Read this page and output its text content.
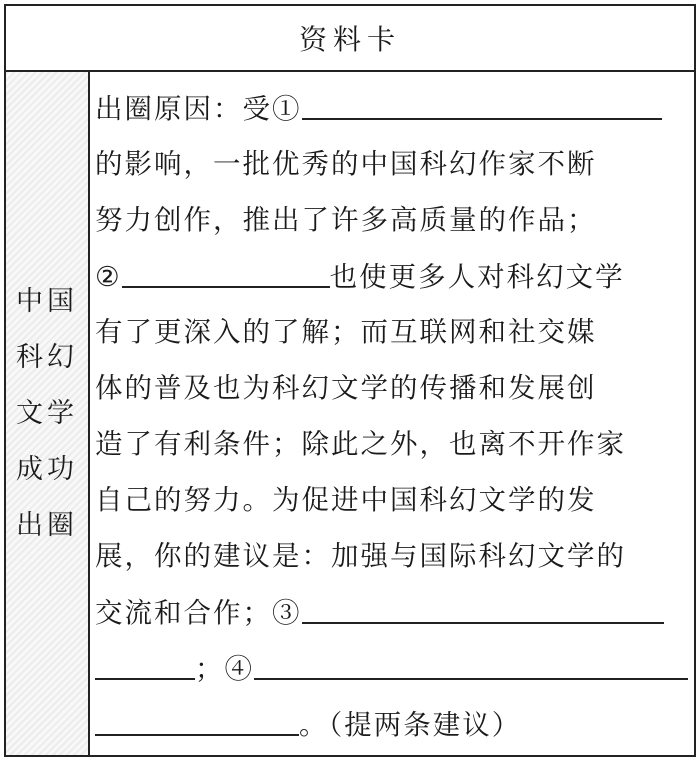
资料卡
中国
科幻
文学
成功
出圈
出圈原因：受①
的影响，一批优秀的中国科幻作家不断
努力创作，推出了许多高质量的作品；
②	也使更多人对科幻文学
有了更深入的了解；而互联网和社交媒
体的普及也为科幻文学的传播和发展创
造了有利条件；除此之外，也离不开作家
自己的努力。为促进中国科幻文学的发
展，你的建议是：加强与国际科幻文学的
交流和合作；③
；④
。（提两条建议）
